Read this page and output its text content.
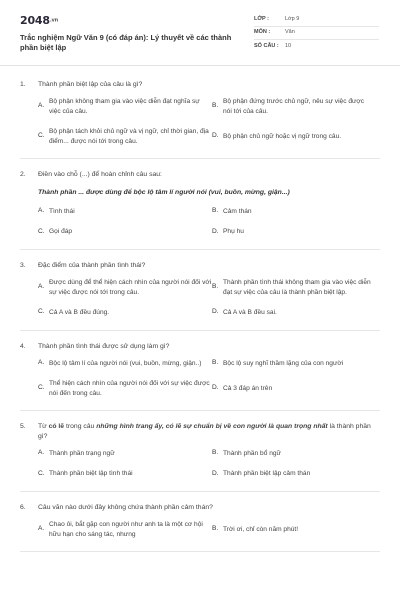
2048.vn
Trắc nghiệm Ngữ Văn 9 (có đáp án): Lý thuyết về các thành phần biệt lập
LỚP :	Lớp 9
MÔN :	Văn
SỐ CÂU :	10
1.	Thành phần biệt lập của câu là gì?
A.
Bộ phận không tham gia vào việc diễn đạt nghĩa sự việc của câu.
B.
Bộ phận đứng trước chủ ngữ, nêu sự việc được nói tới của câu.
C.
Bộ phận tách khỏi chủ ngữ và vị ngữ, chỉ thời gian, địa điểm... được nói tới trong câu.
D. Bộ phận chủ ngữ hoặc vị ngữ trong câu.
2.	Điền vào chỗ (...) để hoàn chỉnh câu sau:
Thành phần ... được dùng để bộc lộ tâm lí người nói (vui, buồn, mừng, giận...)
A. Tình thái	B. Cảm thán
C. Gọi đáp	D. Phụ hu
3.	Đặc điểm của thành phần tình thái?
A.
Được dùng để thể hiện cách nhìn của người nói đối với sự việc được nói tới trong câu.
B.
Thành phần tình thái không tham gia vào việc diễn đạt sự việc của câu là thành phần biệt lập.
C. Cả A và B đều đúng.	D. Cả A và B đều sai.
4.	Thành phần tình thái được sử dụng làm gì?
A. Bộc lộ tâm lí của người nói (vui, buồn, mừng, giận..) B. Bộc lộ suy nghĩ thầm lặng của con người
C.
Thể hiện cách nhìn của người nói đối với sự việc được nói đến trong câu.
D. Cả 3 đáp án trên
5.	Từ có lẽ trong câu những hình trang ấy, có lẽ sự chuẩn bị về con người là quan trọng nhất là thành phần gì?
A. Thành phần trạng ngữ	B. Thành phần bổ ngữ
C. Thành phần biệt lập tình thái	D. Thành phần biệt lập cảm thán
6.	Câu văn nào dưới đây không chứa thành phần cảm thán?
A.
Chao ôi, bắt gặp con người như anh ta là một cơ hội hữu hạn cho sáng tác, nhưng
B. Trời ơi, chỉ còn năm phút!
